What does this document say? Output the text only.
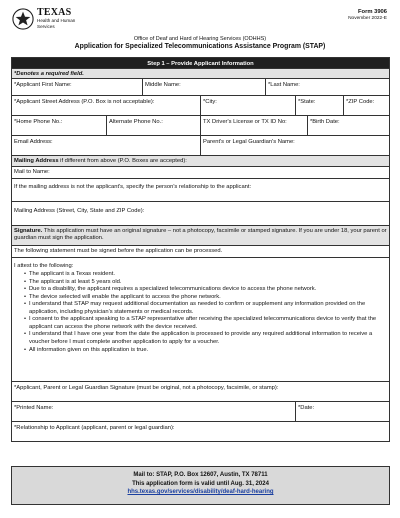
TEXAS
Health and Human
Services
Form 3906
November 2022-E
Office of Deaf and Hard of Hearing Services (ODHHS)
Application for Specialized Telecommunications Assistance Program (STAP)
Step 1 – Provide Applicant Information
*Denotes a required field.
*Applicant First Name:	Middle Name:	*Last Name:
*Applicant Street Address (P.O. Box is not acceptable):	*City:	*State:	*ZIP Code:
*Home Phone No.:	Alternate Phone No.:	TX Driver's License or TX ID No:	*Birth Date:
Email Address:	Parent's or Legal Guardian's Name:
Mailing Address if different from above (P.O. Boxes are accepted):
Mail to Name:
If the mailing address is not the applicant's, specify the person's relationship to the applicant:
Mailing Address (Street, City, State and ZIP Code):
Signature. This application must have an original signature – not a photocopy, facsimile or stamped signature. If you are under 18, your parent or guardian must sign the application.
The following statement must be signed before the application can be processed.
I attest to the following:
• The applicant is a Texas resident.
• The applicant is at least 5 years old.
• Due to a disability, the applicant requires a specialized telecommunications device to access the phone network.
• The device selected will enable the applicant to access the phone network.
• I understand that STAP may request additional documentation as needed to confirm or supplement any information provided on the application, including physician's statements or medical records.
• I consent to the applicant speaking to a STAP representative after receiving the specialized telecommunications device to verify that the applicant can access the phone network with the device received.
• I understand that I have one year from the date the application is processed to provide any required additional information to receive a voucher before I must complete another application to apply for a voucher.
• All information given on this application is true.
*Applicant, Parent or Legal Guardian Signature (must be original, not a photocopy, facsimile, or stamp):
*Printed Name:	*Date:
*Relationship to Applicant (applicant, parent or legal guardian):
Mail to: STAP, P.O. Box 12607, Austin, TX 78711
This application form is valid until Aug. 31, 2024
hhs.texas.gov/services/disability/deaf-hard-hearing
